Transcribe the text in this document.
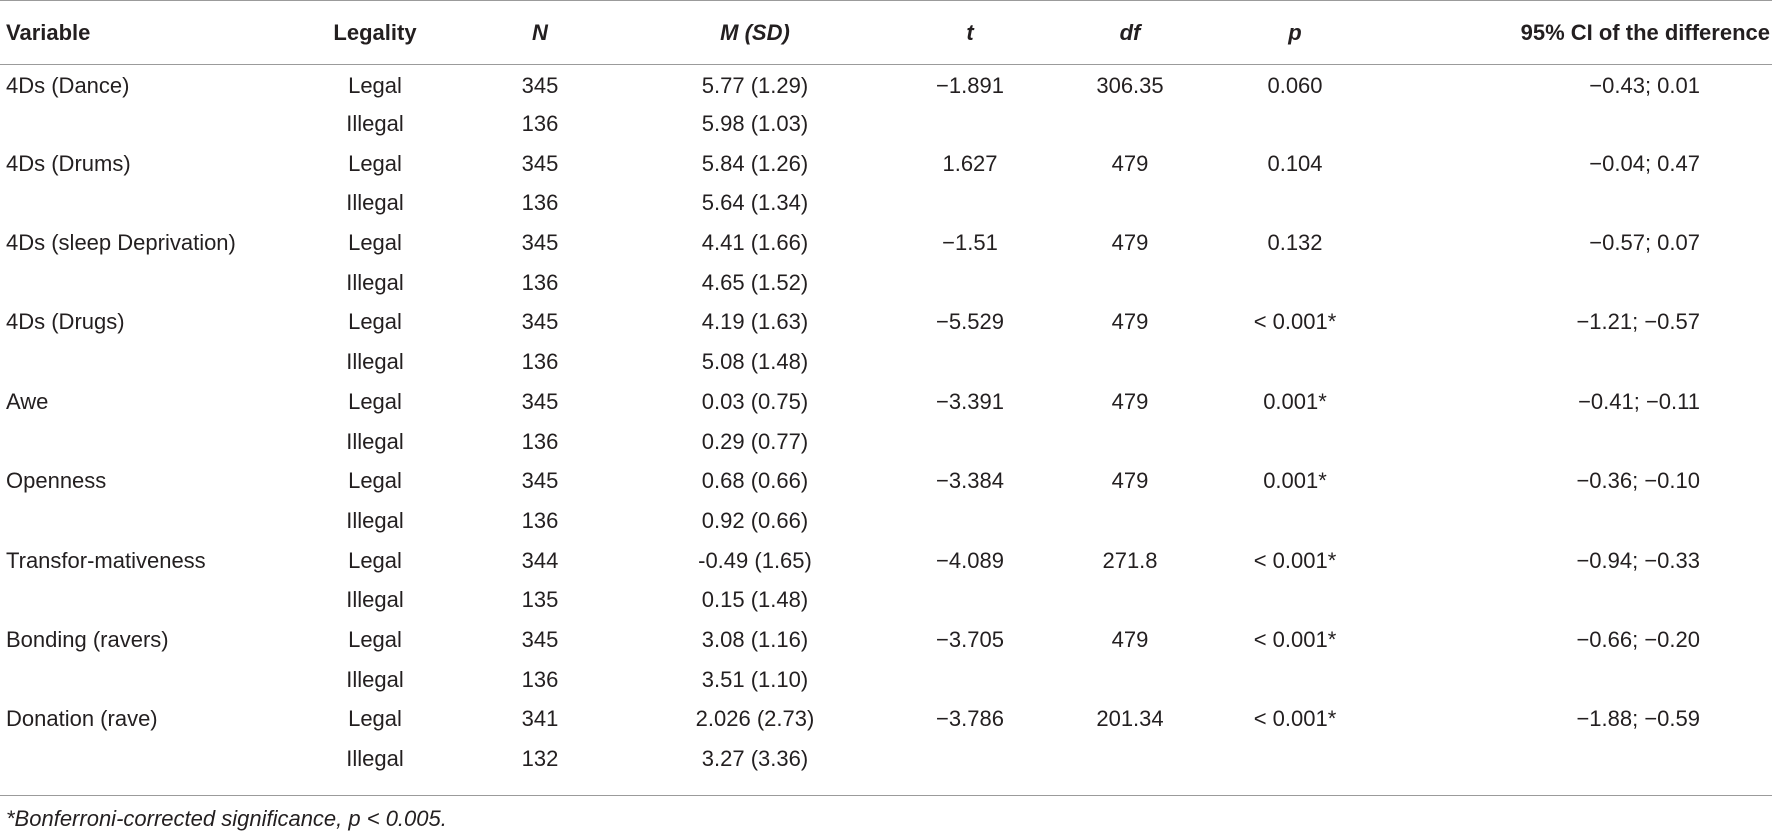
Variable	Legality	N	M (SD)	t	df	p	95% CI of the difference
4Ds (Dance)	Legal	345	5.77 (1.29)	−1.891	306.35	0.060	−0.43; 0.01
	Illegal	136	5.98 (1.03)				
4Ds (Drums)	Legal	345	5.84 (1.26)	1.627	479	0.104	−0.04; 0.47
	Illegal	136	5.64 (1.34)				
4Ds (sleep Deprivation)	Legal	345	4.41 (1.66)	−1.51	479	0.132	−0.57; 0.07
	Illegal	136	4.65 (1.52)				
4Ds (Drugs)	Legal	345	4.19 (1.63)	−5.529	479	< 0.001*	−1.21; −0.57
	Illegal	136	5.08 (1.48)				
Awe	Legal	345	0.03 (0.75)	−3.391	479	0.001*	−0.41; −0.11
	Illegal	136	0.29 (0.77)				
Openness	Legal	345	0.68 (0.66)	−3.384	479	0.001*	−0.36; −0.10
	Illegal	136	0.92 (0.66)				
Transfor-mativeness	Legal	344	-0.49 (1.65)	−4.089	271.8	< 0.001*	−0.94; −0.33
	Illegal	135	0.15 (1.48)				
Bonding (ravers)	Legal	345	3.08 (1.16)	−3.705	479	< 0.001*	−0.66; −0.20
	Illegal	136	3.51 (1.10)				
Donation (rave)	Legal	341	2.026 (2.73)	−3.786	201.34	< 0.001*	−1.88; −0.59
	Illegal	132	3.27 (3.36)				
*Bonferroni-corrected significance, p < 0.005.
